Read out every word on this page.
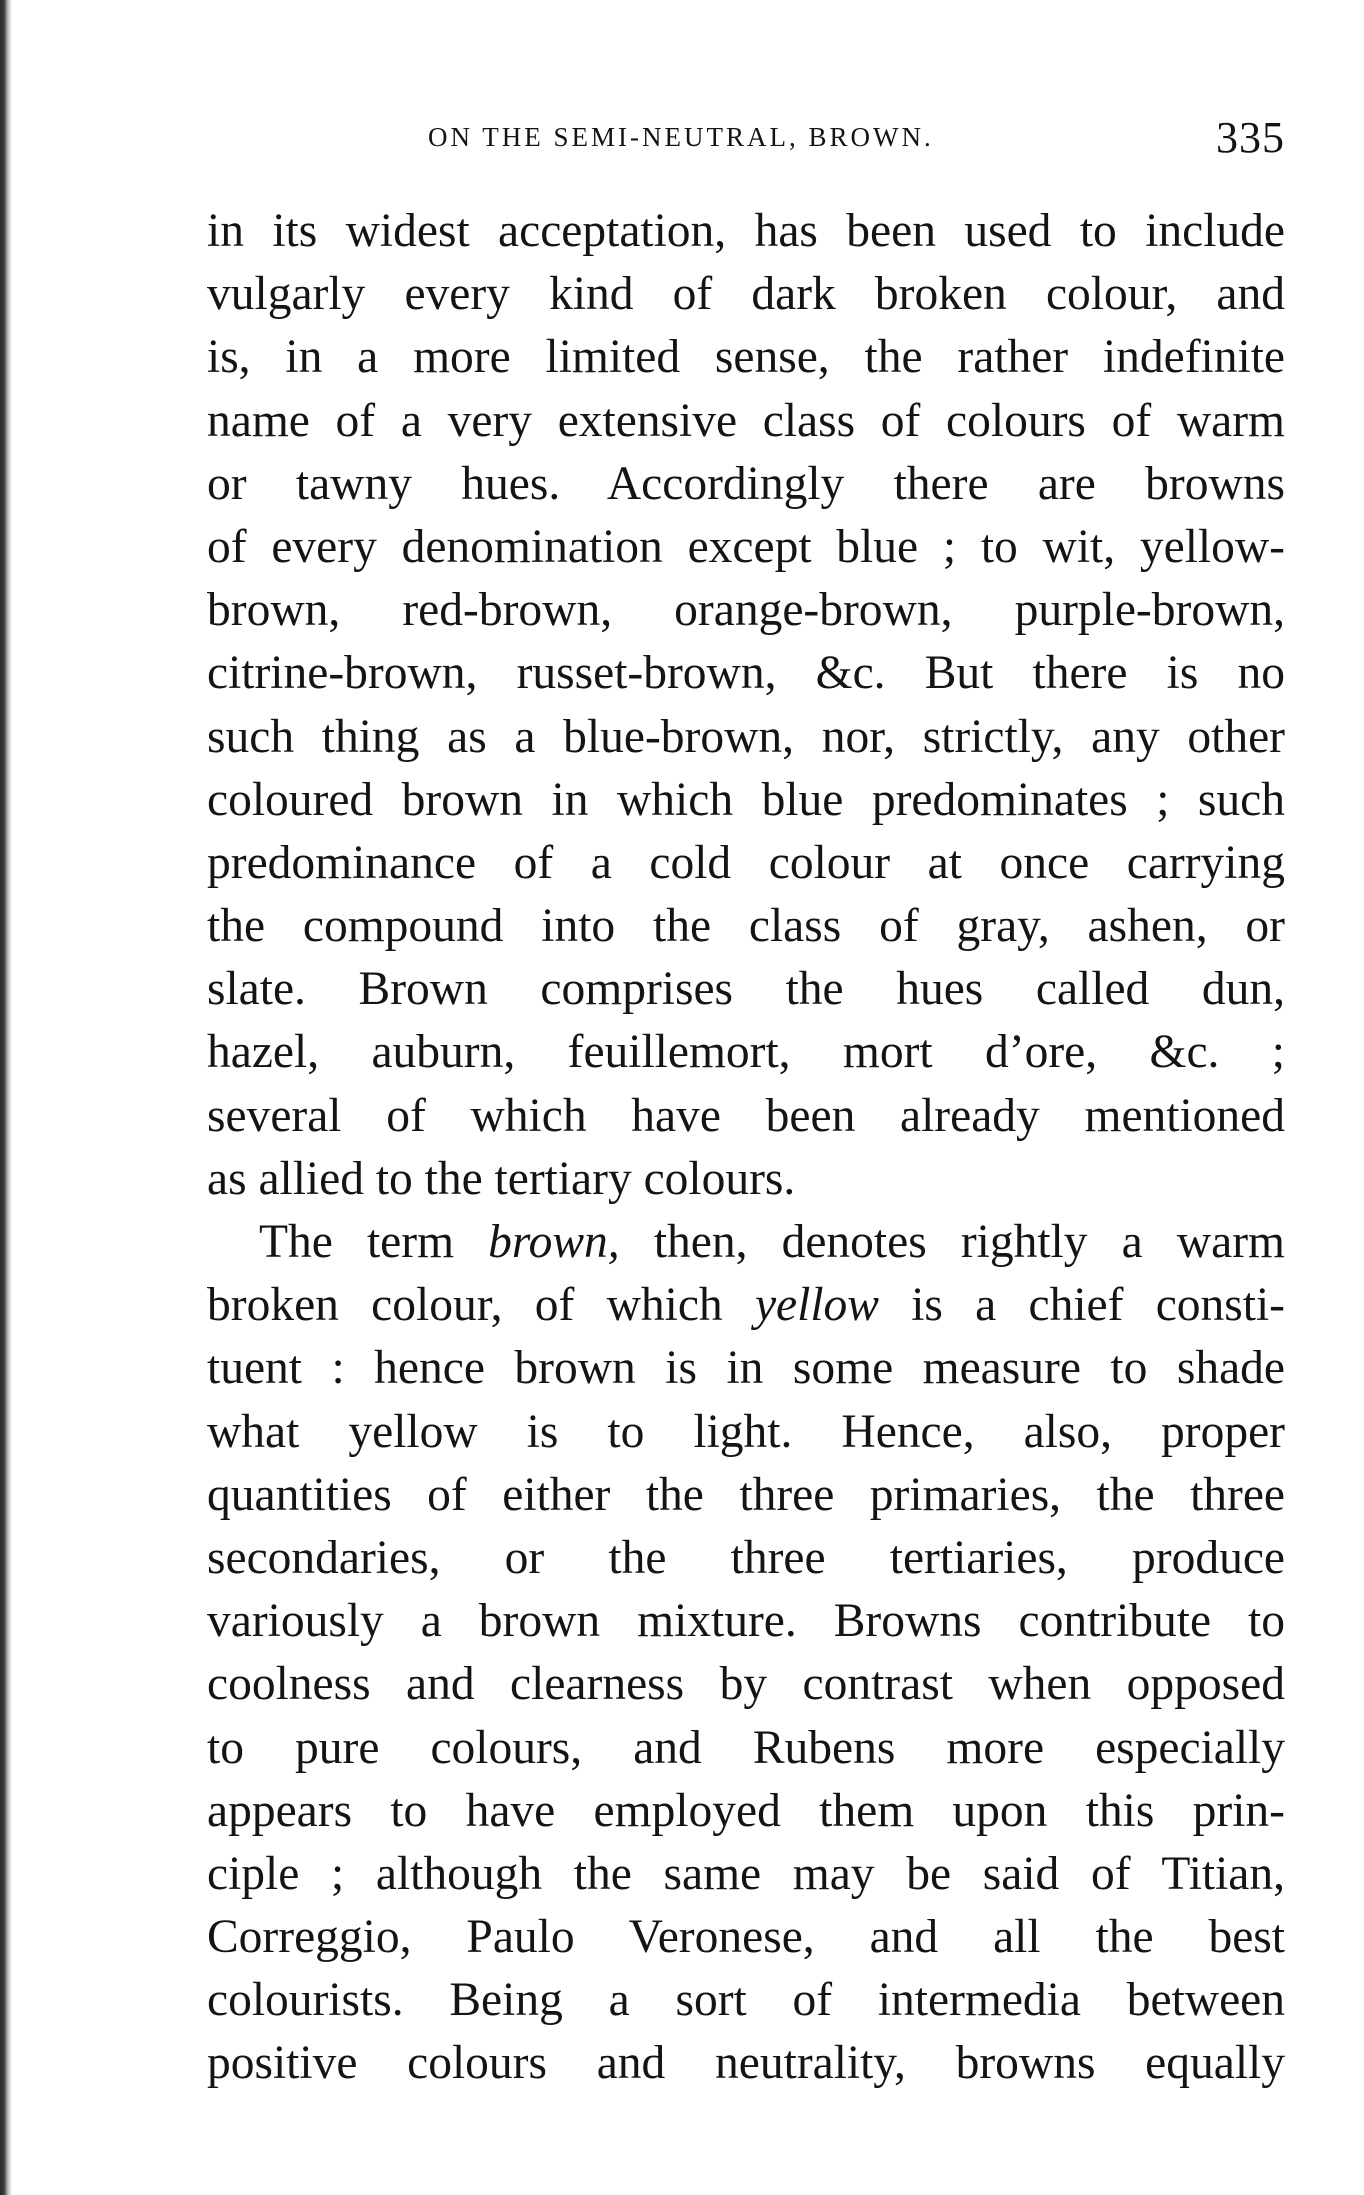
ON THE SEMI-NEUTRAL, BROWN.	335
in its widest acceptation, has been used to include
vulgarly every kind of dark broken colour, and
is, in a more limited sense, the rather indefinite
name of a very extensive class of colours of warm
or tawny hues. Accordingly there are browns
of every denomination except blue ; to wit, yellow-
brown, red-brown, orange-brown, purple-brown,
citrine-brown, russet-brown, &c. But there is no
such thing as a blue-brown, nor, strictly, any other
coloured brown in which blue predominates ; such
predominance of a cold colour at once carrying
the compound into the class of gray, ashen, or
slate. Brown comprises the hues called dun,
hazel, auburn, feuillemort, mort d’ore, &c. ;
several of which have been already mentioned
as allied to the tertiary colours.
The term brown, then, denotes rightly a warm
broken colour, of which yellow is a chief consti-
tuent : hence brown is in some measure to shade
what yellow is to light. Hence, also, proper
quantities of either the three primaries, the three
secondaries, or the three tertiaries, produce
variously a brown mixture. Browns contribute to
coolness and clearness by contrast when opposed
to pure colours, and Rubens more especially
appears to have employed them upon this prin-
ciple ; although the same may be said of Titian,
Correggio, Paulo Veronese, and all the best
colourists. Being a sort of intermedia between
positive colours and neutrality, browns equally
